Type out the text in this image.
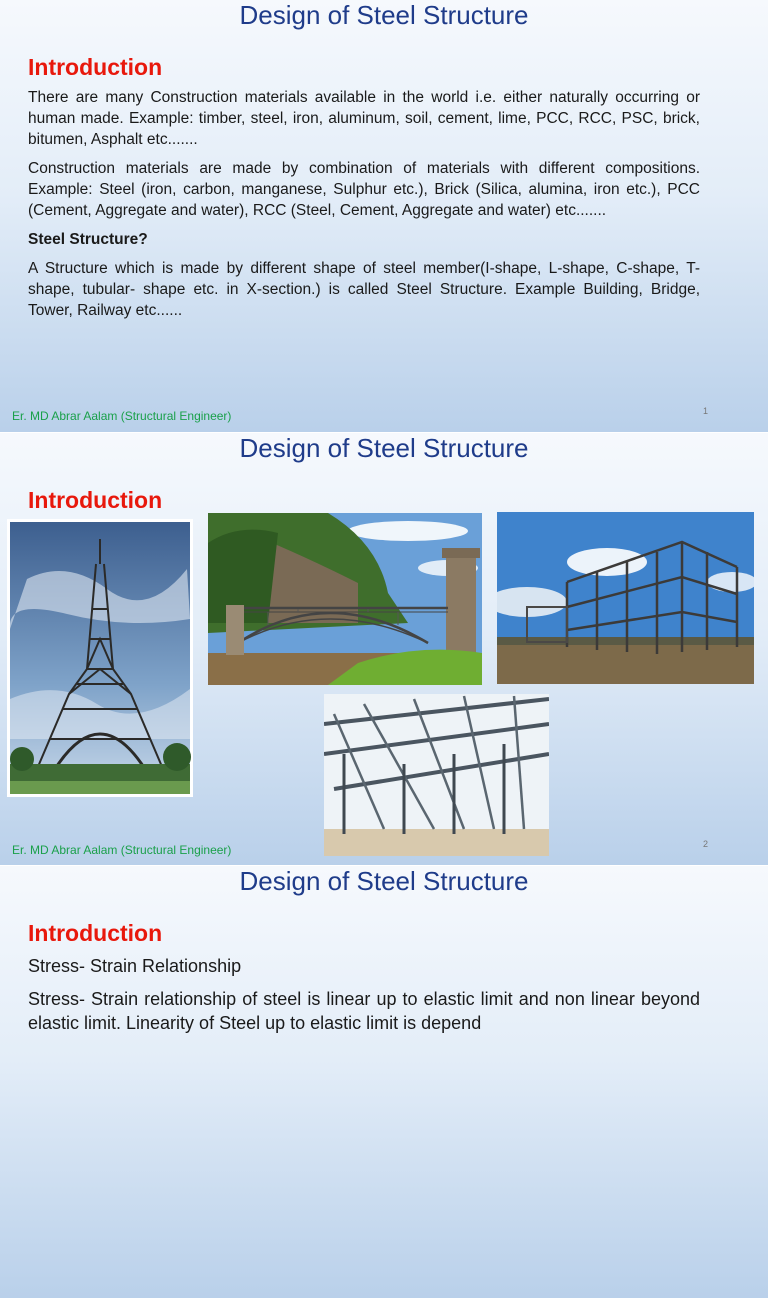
Design of Steel Structure
Introduction

There are many Construction materials available in the world i.e. either naturally occurring or human made. Example: timber, steel, iron, aluminum, soil, cement, lime, PCC, RCC, PSC, brick, bitumen, Asphalt etc.......

Construction materials are made by combination of materials with different compositions. Example: Steel (iron, carbon, manganese, Sulphur etc.), Brick (Silica, alumina, iron etc.), PCC (Cement, Aggregate and water), RCC (Steel, Cement, Aggregate and water) etc.......

Steel Structure?

A Structure which is made by different shape of steel member(I-shape, L-shape, C-shape, T-shape, tubular- shape etc. in X-section.) is called Steel Structure. Example Building, Bridge, Tower, Railway etc......

Er. MD Abrar Aalam (Structural Engineer)	1
Design of Steel Structure
Introduction
Er. MD Abrar Aalam (Structural Engineer)	2
Design of Steel Structure
Introduction

Stress- Strain Relationship

Stress- Strain relationship of steel is linear up to elastic limit and non linear beyond elastic limit. Linearity of Steel up to elastic limit is depend
